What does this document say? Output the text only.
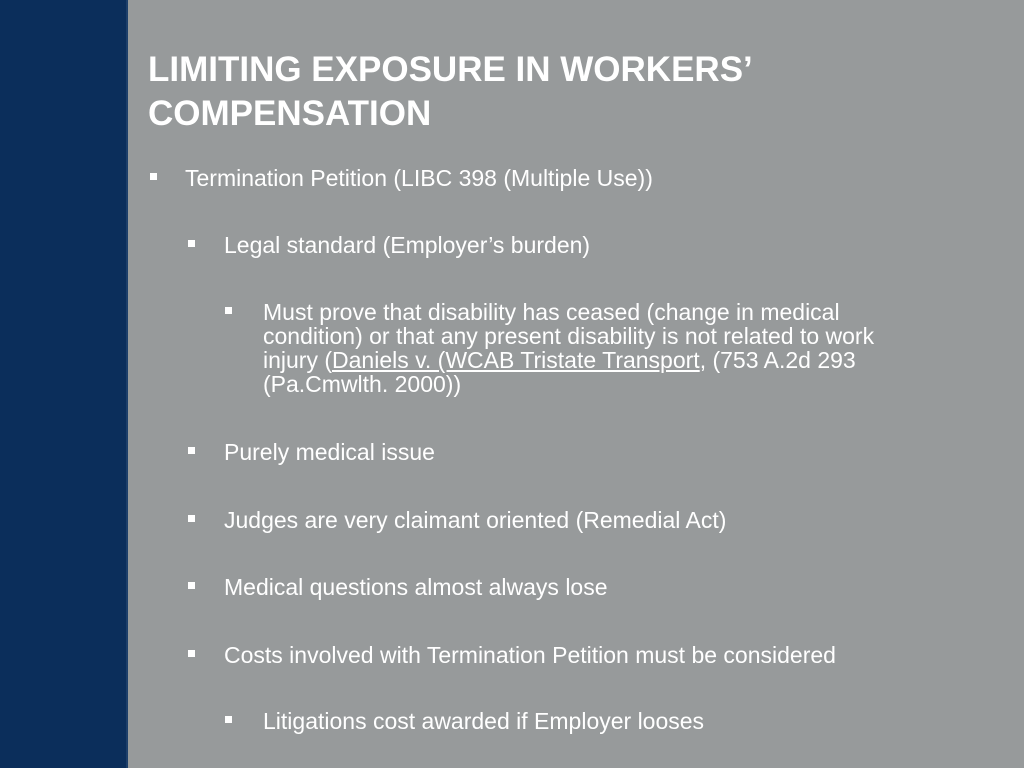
LIMITING EXPOSURE IN WORKERS’
COMPENSATION
Termination Petition (LIBC 398 (Multiple Use))
Legal standard (Employer’s burden)
Must prove that disability has ceased (change in medical
condition) or that any present disability is not related to work
injury (Daniels v. (WCAB Tristate Transport, (753 A.2d 293
(Pa.Cmwlth. 2000))
Purely medical issue
Judges are very claimant oriented (Remedial Act)
Medical questions almost always lose
Costs involved with Termination Petition must be considered
Litigations cost awarded if Employer looses
